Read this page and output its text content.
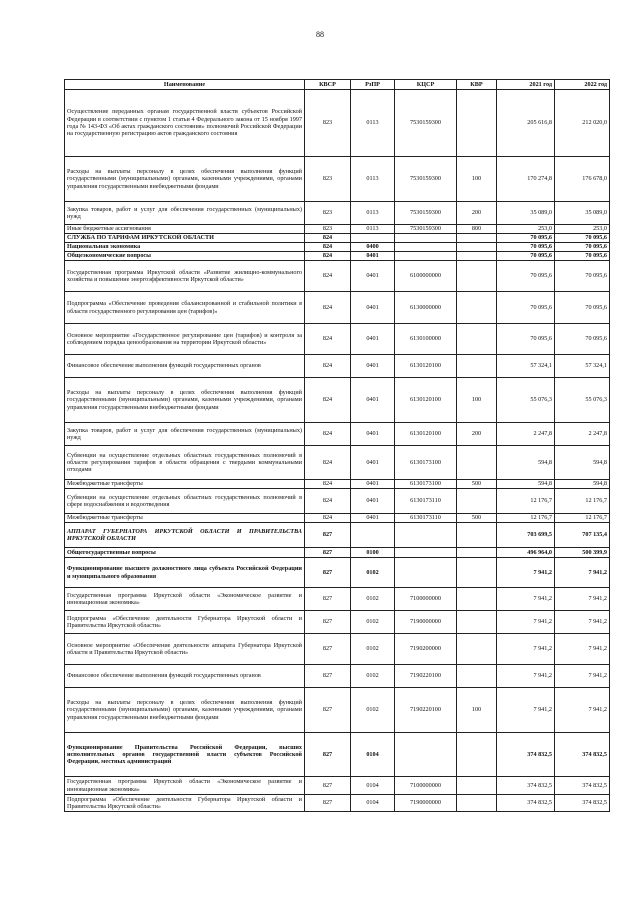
88
Наименование	КВСР	РзПР	КЦСР	КВР	2021 год	2022 год
Осуществление переданных органам государственной власти субъектов Российской Федерации в соответствии с пунктом 1 статьи 4 Федерального закона от 15 ноября 1997 года № 143-ФЗ «Об актах гражданского состояния» полномочий Российской Федерации на государственную регистрацию актов гражданского состояния	823	0113	7530159300		205 616,8	212 020,0
Расходы на выплаты персоналу в целях обеспечения выполнения функций государственными (муниципальными) органами, казенными учреждениями, органами управления государственными внебюджетными фондами	823	0113	7530159300	100	170 274,8	176 678,0
Закупка товаров, работ и услуг для обеспечения государственных (муниципальных) нужд	823	0113	7530159300	200	35 089,0	35 089,0
Иные бюджетные ассигнования	823	0113	7530159300	800	253,0	253,0
СЛУЖБА ПО ТАРИФАМ ИРКУТСКОЙ ОБЛАСТИ	824				70 095,6	70 095,6
Национальная экономика	824	0400			70 095,6	70 095,6
Общеэкономические вопросы	824	0401			70 095,6	70 095,6
Государственная программа Иркутской области «Развитие жилищно-коммунального хозяйства и повышение энергоэффективности Иркутской области»	824	0401	6100000000		70 095,6	70 095,6
Подпрограмма «Обеспечение проведения сбалансированной и стабильной политики в области государственного регулирования цен (тарифов)»	824	0401	6130000000		70 095,6	70 095,6
Основное мероприятие «Государственное регулирование цен (тарифов) и контроля за соблюдением порядка ценообразования на территории Иркутской области»	824	0401	6130100000		70 095,6	70 095,6
Финансовое обеспечение выполнения функций государственных органов	824	0401	6130120100		57 324,1	57 324,1
Расходы на выплаты персоналу в целях обеспечения выполнения функций государственными (муниципальными) органами, казенными учреждениями, органами управления государственными внебюджетными фондами	824	0401	6130120100	100	55 076,3	55 076,3
Закупка товаров, работ и услуг для обеспечения государственных (муниципальных) нужд	824	0401	6130120100	200	2 247,8	2 247,8
Субвенции на осуществление отдельных областных государственных полномочий в области регулирования тарифов в области обращения с твердыми коммунальными отходами	824	0401	6130173100		594,8	594,8
Межбюджетные трансферты	824	0401	6130173100	500	594,8	594,8
Субвенции на осуществление отдельных областных государственных полномочий в сфере водоснабжения и водоотведения	824	0401	6130173110		12 176,7	12 176,7
Межбюджетные трансферты	824	0401	6130173110	500	12 176,7	12 176,7
АППАРАТ ГУБЕРНАТОРА ИРКУТСКОЙ ОБЛАСТИ И ПРАВИТЕЛЬСТВА ИРКУТСКОЙ ОБЛАСТИ	827				703 699,5	707 135,4
Общегосударственные вопросы	827	0100			496 964,0	500 399,9
Функционирование высшего должностного лица субъекта Российской Федерации и муниципального образования	827	0102			7 941,2	7 941,2
Государственная программа Иркутской области «Экономическое развитие и инновационная экономика»	827	0102	7100000000		7 941,2	7 941,2
Подпрограмма «Обеспечение деятельности Губернатора Иркутской области и Правительства Иркутской области»	827	0102	7190000000		7 941,2	7 941,2
Основное мероприятие «Обеспечение деятельности аппарата Губернатора Иркутской области и Правительства Иркутской области»	827	0102	7190200000		7 941,2	7 941,2
Финансовое обеспечение выполнения функций государственных органов	827	0102	7190220100		7 941,2	7 941,2
Расходы на выплаты персоналу в целях обеспечения выполнения функций государственными (муниципальными) органами, казенными учреждениями, органами управления государственными внебюджетными фондами	827	0102	7190220100	100	7 941,2	7 941,2
Функционирование Правительства Российской Федерации, высших исполнительных органов государственной власти субъектов Российской Федерации, местных администраций	827	0104			374 832,5	374 832,5
Государственная программа Иркутской области «Экономическое развитие и инновационная экономика»	827	0104	7100000000		374 832,5	374 832,5
Подпрограмма «Обеспечение деятельности Губернатора Иркутской области и Правительства Иркутской области»	827	0104	7190000000		374 832,5	374 832,5
